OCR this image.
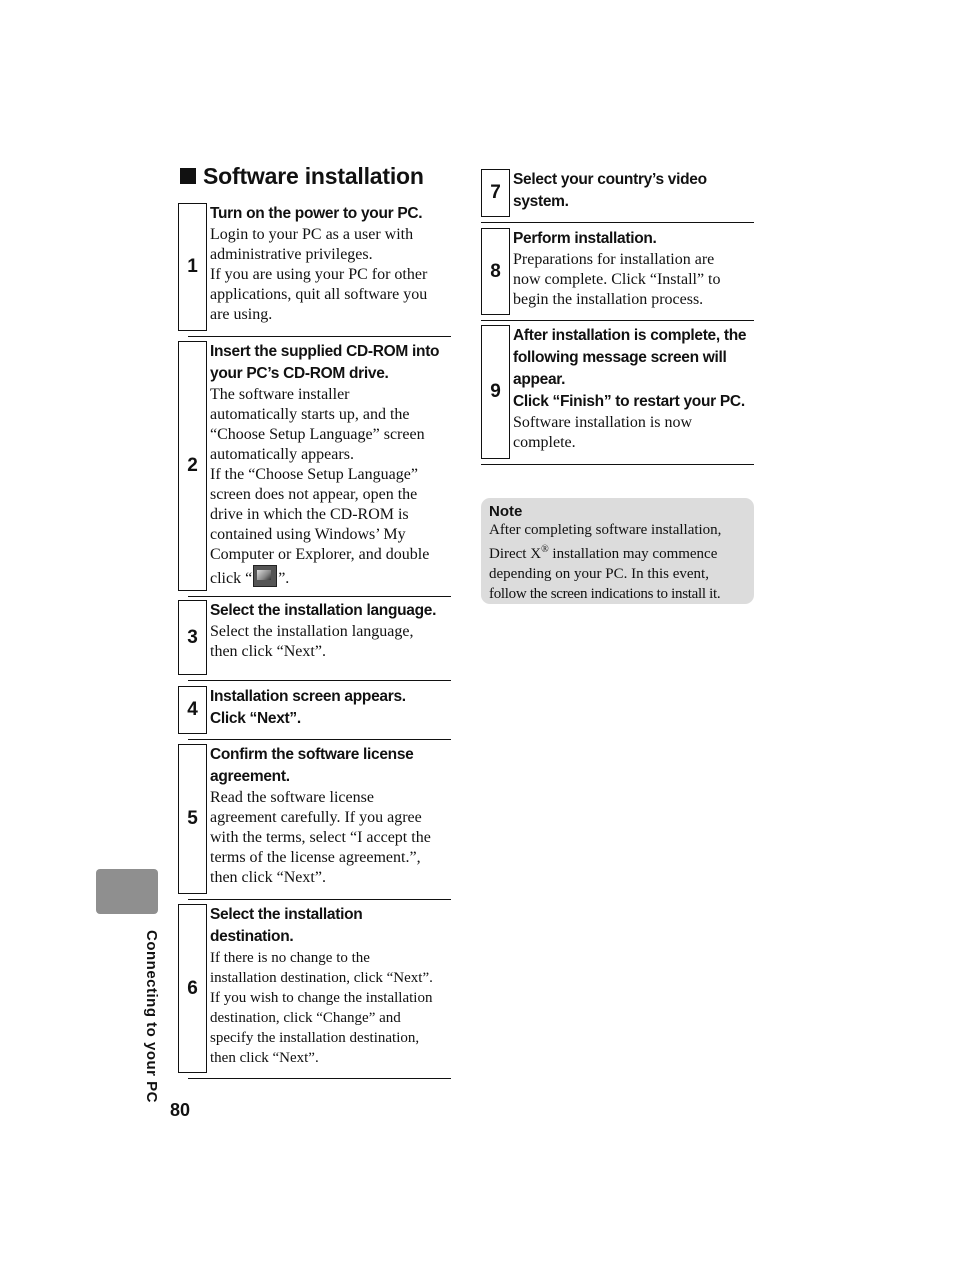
Software installation
1
Turn on the power to your PC.
Login to your PC as a user with
administrative privileges.
If you are using your PC for other
applications, quit all software you
are using.
2
Insert the supplied CD-ROM into
your PC’s CD-ROM drive.
The software installer
automatically starts up, and the
“Choose Setup Language” screen
automatically appears.
If the “Choose Setup Language”
screen does not appear, open the
drive in which the CD-ROM is
contained using Windows’ My
Computer or Explorer, and double
click “ ”.
3
Select the installation language.
Select the installation language,
then click “Next”.
4
Installation screen appears.
Click “Next”.
5
Confirm the software license
agreement.
Read the software license
agreement carefully. If you agree
with the terms, select “I accept the
terms of the license agreement.”,
then click “Next”.
6
Select the installation
destination.
If there is no change to the
installation destination, click “Next”.
If you wish to change the installation
destination, click “Change” and
specify the installation destination,
then click “Next”.
7
Select your country’s video
system.
8
Perform installation.
Preparations for installation are
now complete. Click “Install” to
begin the installation process.
9
After installation is complete, the
following message screen will
appear.
Click “Finish” to restart your PC.
Software installation is now
complete.
Note
After completing software installation,
Direct X® installation may commence
depending on your PC. In this event,
follow the screen indications to install it.
Connecting to your PC
80
